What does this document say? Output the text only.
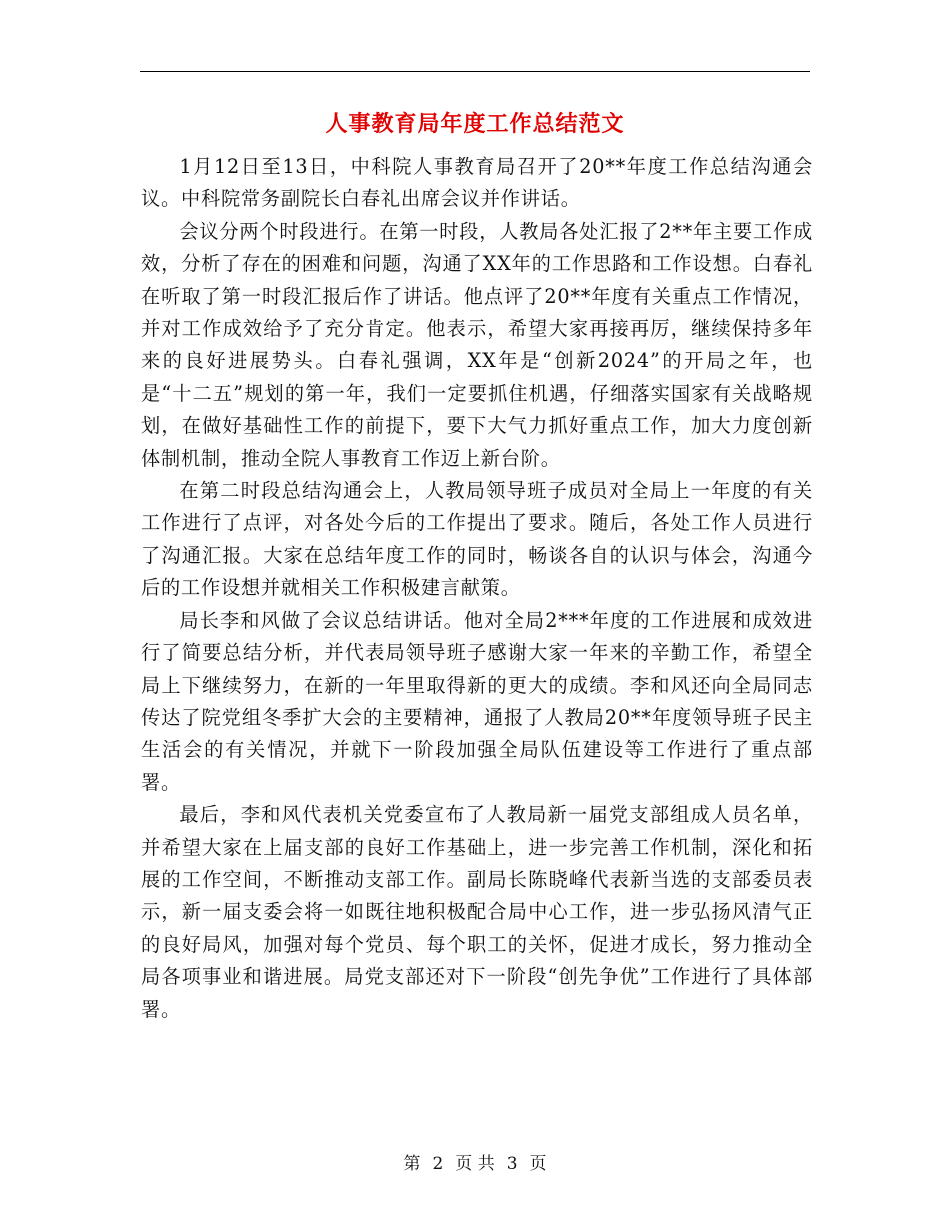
人事教育局年度工作总结范文

1月12日至13日，中科院人事教育局召开了20**年度工作总结沟通会议。中科院常务副院长白春礼出席会议并作讲话。

会议分两个时段进行。在第一时段，人教局各处汇报了2**年主要工作成效，分析了存在的困难和问题，沟通了XX年的工作思路和工作设想。白春礼在听取了第一时段汇报后作了讲话。他点评了20**年度有关重点工作情况，并对工作成效给予了充分肯定。他表示，希望大家再接再厉，继续保持多年来的良好进展势头。白春礼强调，XX年是“创新2024”的开局之年，也是“十二五”规划的第一年，我们一定要抓住机遇，仔细落实国家有关战略规划，在做好基础性工作的前提下，要下大气力抓好重点工作，加大力度创新体制机制，推动全院人事教育工作迈上新台阶。

在第二时段总结沟通会上，人教局领导班子成员对全局上一年度的有关工作进行了点评，对各处今后的工作提出了要求。随后，各处工作人员进行了沟通汇报。大家在总结年度工作的同时，畅谈各自的认识与体会，沟通今后的工作设想并就相关工作积极建言献策。

局长李和风做了会议总结讲话。他对全局2***年度的工作进展和成效进行了简要总结分析，并代表局领导班子感谢大家一年来的辛勤工作，希望全局上下继续努力，在新的一年里取得新的更大的成绩。李和风还向全局同志传达了院党组冬季扩大会的主要精神，通报了人教局20**年度领导班子民主生活会的有关情况，并就下一阶段加强全局队伍建设等工作进行了重点部署。

最后，李和风代表机关党委宣布了人教局新一届党支部组成人员名单，并希望大家在上届支部的良好工作基础上，进一步完善工作机制，深化和拓展的工作空间，不断推动支部工作。副局长陈晓峰代表新当选的支部委员表示，新一届支委会将一如既往地积极配合局中心工作，进一步弘扬风清气正的良好局风，加强对每个党员、每个职工的关怀，促进才成长，努力推动全局各项事业和谐进展。局党支部还对下一阶段“创先争优”工作进行了具体部署。

第 2 页 共 3 页
